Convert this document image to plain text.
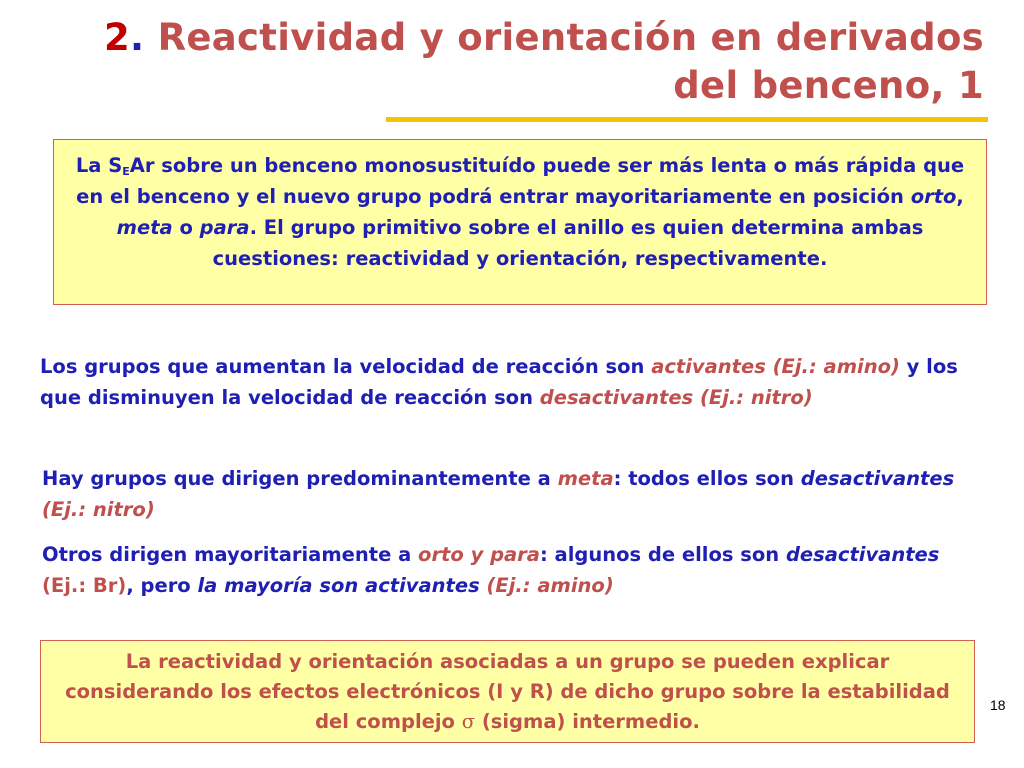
2. Reactividad y orientación en derivados
del benceno, 1
La $S_EAr$ sobre un benceno monosustituído puede ser más lenta o más rápida que en el benceno y el nuevo grupo podrá entrar mayoritariamente en posición orto, meta o para. El grupo primitivo sobre el anillo es quien determina ambas cuestiones: reactividad y orientación, respectivamente.
Los grupos que aumentan la velocidad de reacción son activantes (Ej.: amino) y los que disminuyen la velocidad de reacción son desactivantes (Ej.: nitro)
Hay grupos que dirigen predominantemente a meta: todos ellos son desactivantes (Ej.: nitro)
Otros dirigen mayoritariamente a orto y para: algunos de ellos son desactivantes (Ej.: Br), pero la mayoría son activantes (Ej.: amino)
La reactividad y orientación asociadas a un grupo se pueden explicar considerando los efectos electrónicos (I y R) de dicho grupo sobre la estabilidad del complejo σ (sigma) intermedio.
18
